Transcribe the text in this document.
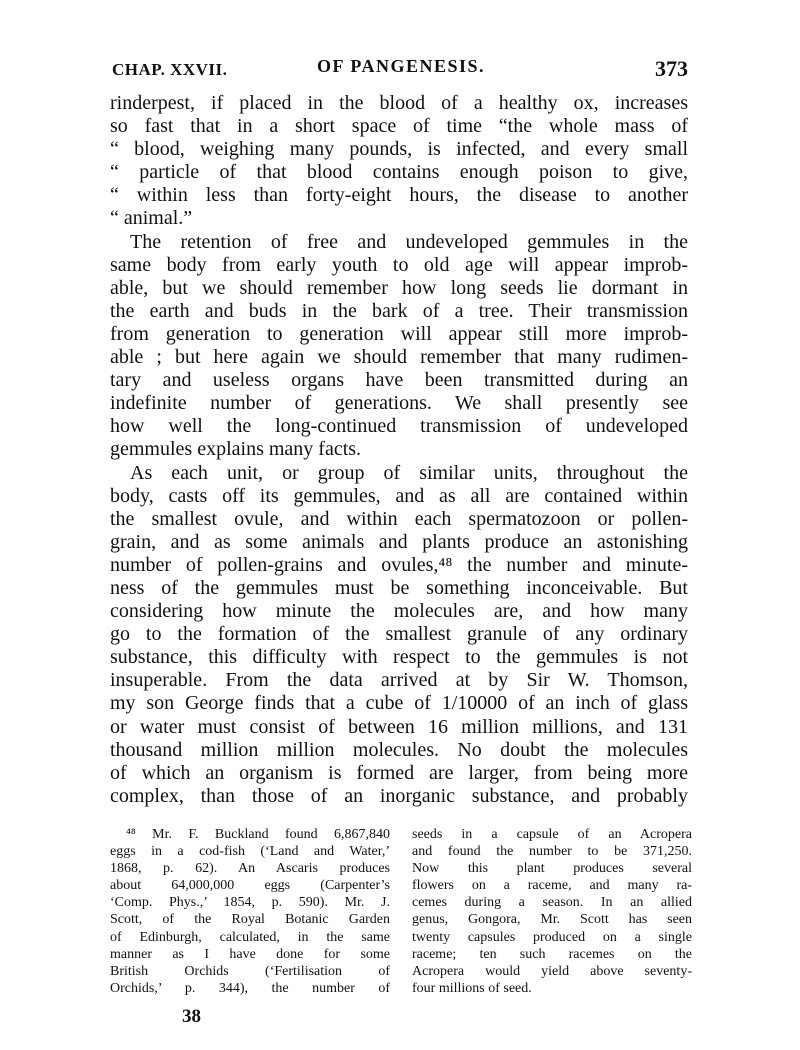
CHAP. XXVII.	OF PANGENESIS.	373
rinderpest, if placed in the blood of a healthy ox, increases
so fast that in a short space of time “the whole mass of
“ blood, weighing many pounds, is infected, and every small
“ particle of that blood contains enough poison to give,
“ within less than forty-eight hours, the disease to another
“ animal.”
The retention of free and undeveloped gemmules in the
same body from early youth to old age will appear improb-
able, but we should remember how long seeds lie dormant in
the earth and buds in the bark of a tree. Their transmission
from generation to generation will appear still more improb-
able ; but here again we should remember that many rudimen-
tary and useless organs have been transmitted during an
indefinite number of generations. We shall presently see
how well the long-continued transmission of undeveloped
gemmules explains many facts.
As each unit, or group of similar units, throughout the
body, casts off its gemmules, and as all are contained within
the smallest ovule, and within each spermatozoon or pollen-
grain, and as some animals and plants produce an astonishing
number of pollen-grains and ovules,⁴⁸ the number and minute-
ness of the gemmules must be something inconceivable. But
considering how minute the molecules are, and how many
go to the formation of the smallest granule of any ordinary
substance, this difficulty with respect to the gemmules is not
insuperable. From the data arrived at by Sir W. Thomson,
my son George finds that a cube of 1/10000 of an inch of glass
or water must consist of between 16 million millions, and 131
thousand million million molecules. No doubt the molecules
of which an organism is formed are larger, from being more
complex, than those of an inorganic substance, and probably
⁴⁸ Mr. F. Buckland found 6,867,840
eggs in a cod-fish (‘Land and Water,’
1868, p. 62). An Ascaris produces
about 64,000,000 eggs (Carpenter’s
‘Comp. Phys.,’ 1854, p. 590). Mr. J.
Scott, of the Royal Botanic Garden
of Edinburgh, calculated, in the same
manner as I have done for some
British Orchids (‘Fertilisation of
Orchids,’ p. 344), the number of
seeds in a capsule of an Acropera
and found the number to be 371,250.
Now this plant produces several
flowers on a raceme, and many ra-
cemes during a season. In an allied
genus, Gongora, Mr. Scott has seen
twenty capsules produced on a single
raceme; ten such racemes on the
Acropera would yield above seventy-
four millions of seed.
38
